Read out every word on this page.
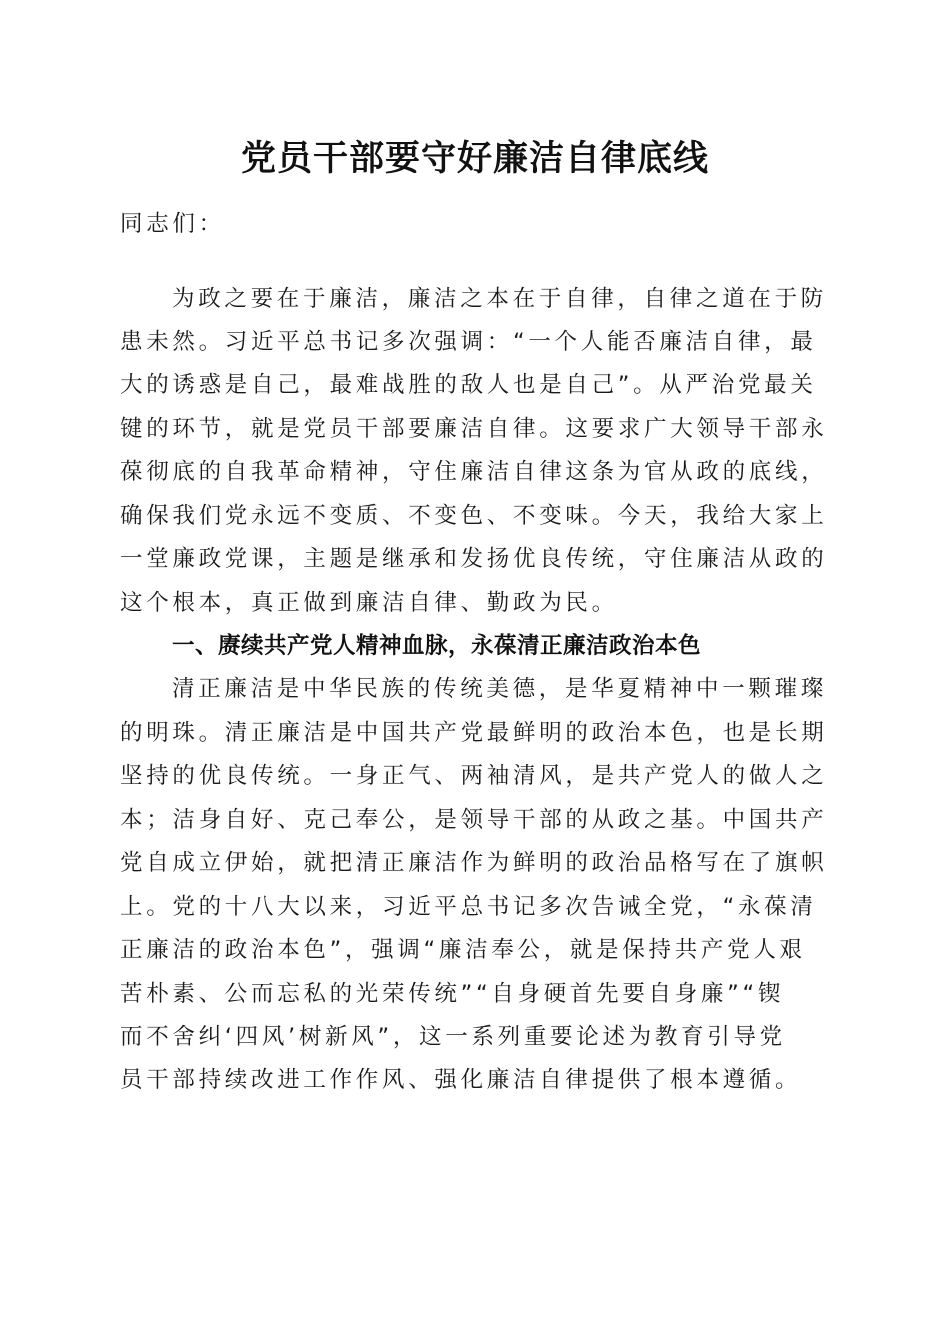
党员干部要守好廉洁自律底线
同志们：
为政之要在于廉洁，廉洁之本在于自律，自律之道在于防
患未然。习近平总书记多次强调：“一个人能否廉洁自律，最
大的诱惑是自己，最难战胜的敌人也是自己”。从严治党最关
键的环节，就是党员干部要廉洁自律。这要求广大领导干部永
葆彻底的自我革命精神，守住廉洁自律这条为官从政的底线，
确保我们党永远不变质、不变色、不变味。今天，我给大家上
一堂廉政党课，主题是继承和发扬优良传统，守住廉洁从政的
这个根本，真正做到廉洁自律、勤政为民。
一、赓续共产党人精神血脉，永葆清正廉洁政治本色
清正廉洁是中华民族的传统美德，是华夏精神中一颗璀璨
的明珠。清正廉洁是中国共产党最鲜明的政治本色，也是长期
坚持的优良传统。一身正气、两袖清风，是共产党人的做人之
本；洁身自好、克己奉公，是领导干部的从政之基。中国共产
党自成立伊始，就把清正廉洁作为鲜明的政治品格写在了旗帜
上。党的十八大以来，习近平总书记多次告诫全党，“永葆清
正廉洁的政治本色”，强调“廉洁奉公，就是保持共产党人艰
苦朴素、公而忘私的光荣传统”“自身硬首先要自身廉”“锲
而不舍纠‘四风’树新风”，这一系列重要论述为教育引导党
员干部持续改进工作作风、强化廉洁自律提供了根本遵循。
